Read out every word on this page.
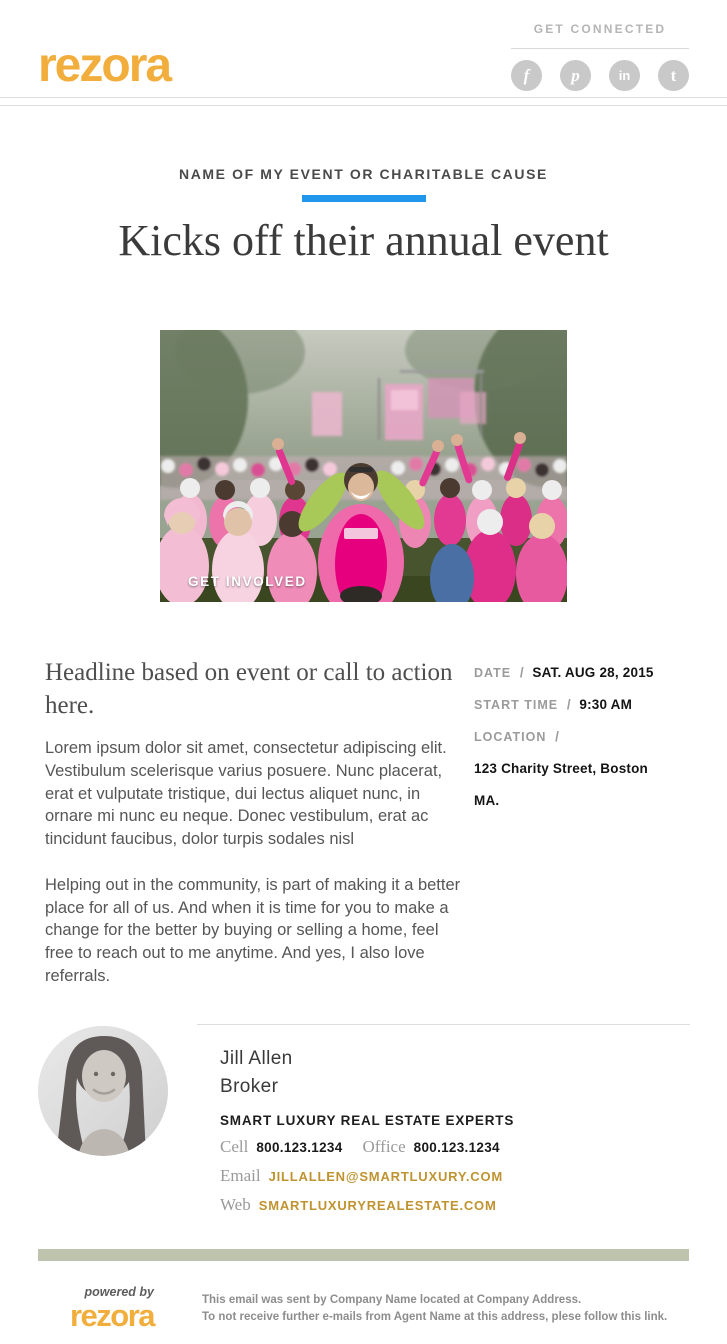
rezora
GET CONNECTED
f	p	in	t
NAME OF MY EVENT OR CHARITABLE CAUSE
Kicks off their annual event
GET INVOLVED
Headline based on event or call to action here.

Lorem ipsum dolor sit amet, consectetur adipiscing elit. Vestibulum scelerisque varius posuere. Nunc placerat, erat et vulputate tristique, dui lectus aliquet nunc, in ornare mi nunc eu neque. Donec vestibulum, erat ac tincidunt faucibus, dolor turpis sodales nisl

Helping out in the community, is part of making it a better place for all of us. And when it is time for you to make a change for the better by buying or selling a home, feel free to reach out to me anytime. And yes, I also love referrals.

DATE / SAT. AUG 28, 2015
START TIME / 9:30 AM
LOCATION /
123 Charity Street, Boston
MA.
Jill Allen
Broker
SMART LUXURY REAL ESTATE EXPERTS
Cell 800.123.1234 Office 800.123.1234
Email JILLALLEN@SMARTLUXURY.COM
Web SMARTLUXURYREALESTATE.COM
powered by
rezora	This email was sent by Company Name located at Company Address.
To not receive further e-mails from Agent Name at this address, plese follow this link.
